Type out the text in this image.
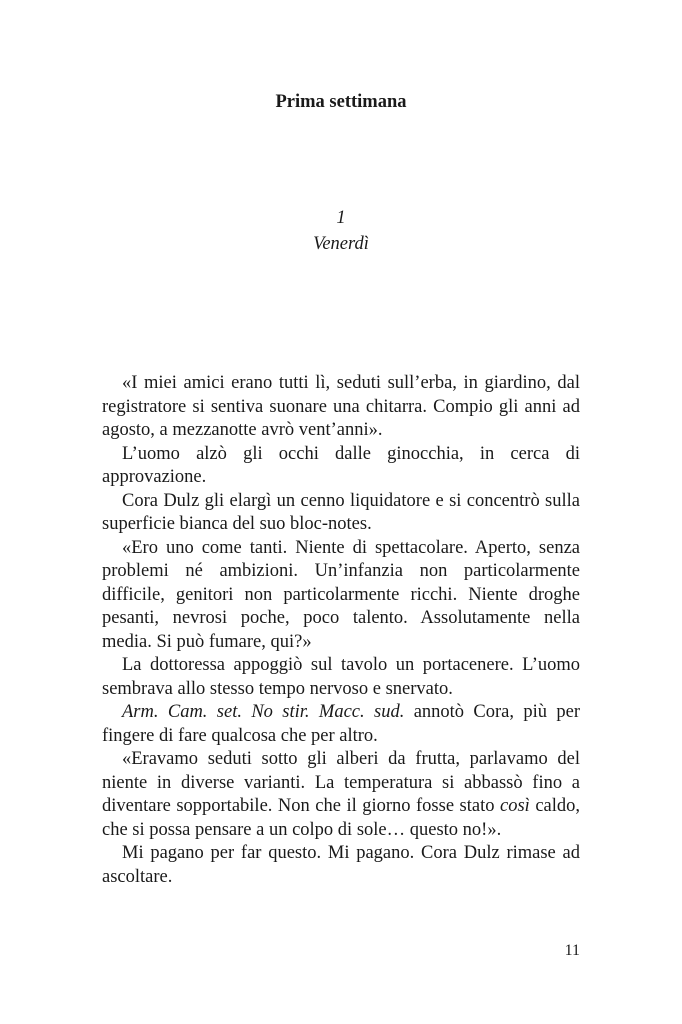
Prima settimana
1
Venerdì

«I miei amici erano tutti lì, seduti sull’erba, in giardino, dal registratore si sentiva suonare una chitarra. Compio gli anni ad agosto, a mezzanotte avrò vent’anni».

L’uomo alzò gli occhi dalle ginocchia, in cerca di approvazione.

Cora Dulz gli elargì un cenno liquidatore e si concentrò sulla superficie bianca del suo bloc-notes.

«Ero uno come tanti. Niente di spettacolare. Aperto, senza problemi né ambizioni. Un’infanzia non particolarmente difficile, genitori non particolarmente ricchi. Niente droghe pesanti, nevrosi poche, poco talento. Assolutamente nella media. Si può fumare, qui?»

La dottoressa appoggiò sul tavolo un portacenere. L’uomo sembrava allo stesso tempo nervoso e snervato.

Arm. Cam. set. No stir. Macc. sud. annotò Cora, più per fingere di fare qualcosa che per altro.

«Eravamo seduti sotto gli alberi da frutta, parlavamo del niente in diverse varianti. La temperatura si abbassò fino a diventare sopportabile. Non che il giorno fosse stato così caldo, che si possa pensare a un colpo di sole… questo no!».

Mi pagano per far questo. Mi pagano. Cora Dulz rimase ad ascoltare.

11
